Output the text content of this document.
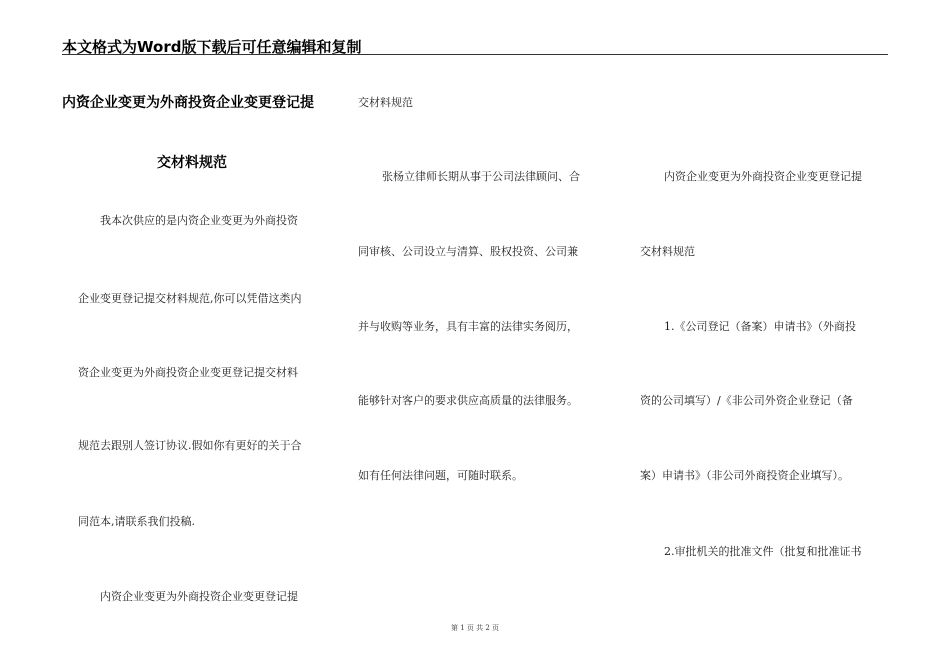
本文格式为Word版下载后可任意编辑和复制
内资企业变更为外商投资企业变更登记提
交材料规范
我本次供应的是内资企业变更为外商投资
企业变更登记提交材料规范,你可以凭借这类内
资企业变更为外商投资企业变更登记提交材料
规范去跟别人签订协议.假如你有更好的关于合
同范本,请联系我们投稿.
内资企业变更为外商投资企业变更登记提
交材料规范
张杨立律师长期从事于公司法律顾问、合
同审核、公司设立与清算、股权投资、公司兼
并与收购等业务，具有丰富的法律实务阅历，
能够针对客户的要求供应高质量的法律服务。
如有任何法律问题，可随时联系。
内资企业变更为外商投资企业变更登记提
交材料规范
1.《公司登记（备案）申请书》（外商投
资的公司填写）/《非公司外资企业登记（备
案）申请书》（非公司外商投资企业填写）。
2.审批机关的批准文件（批复和批准证书
第 1 页 共 2 页
